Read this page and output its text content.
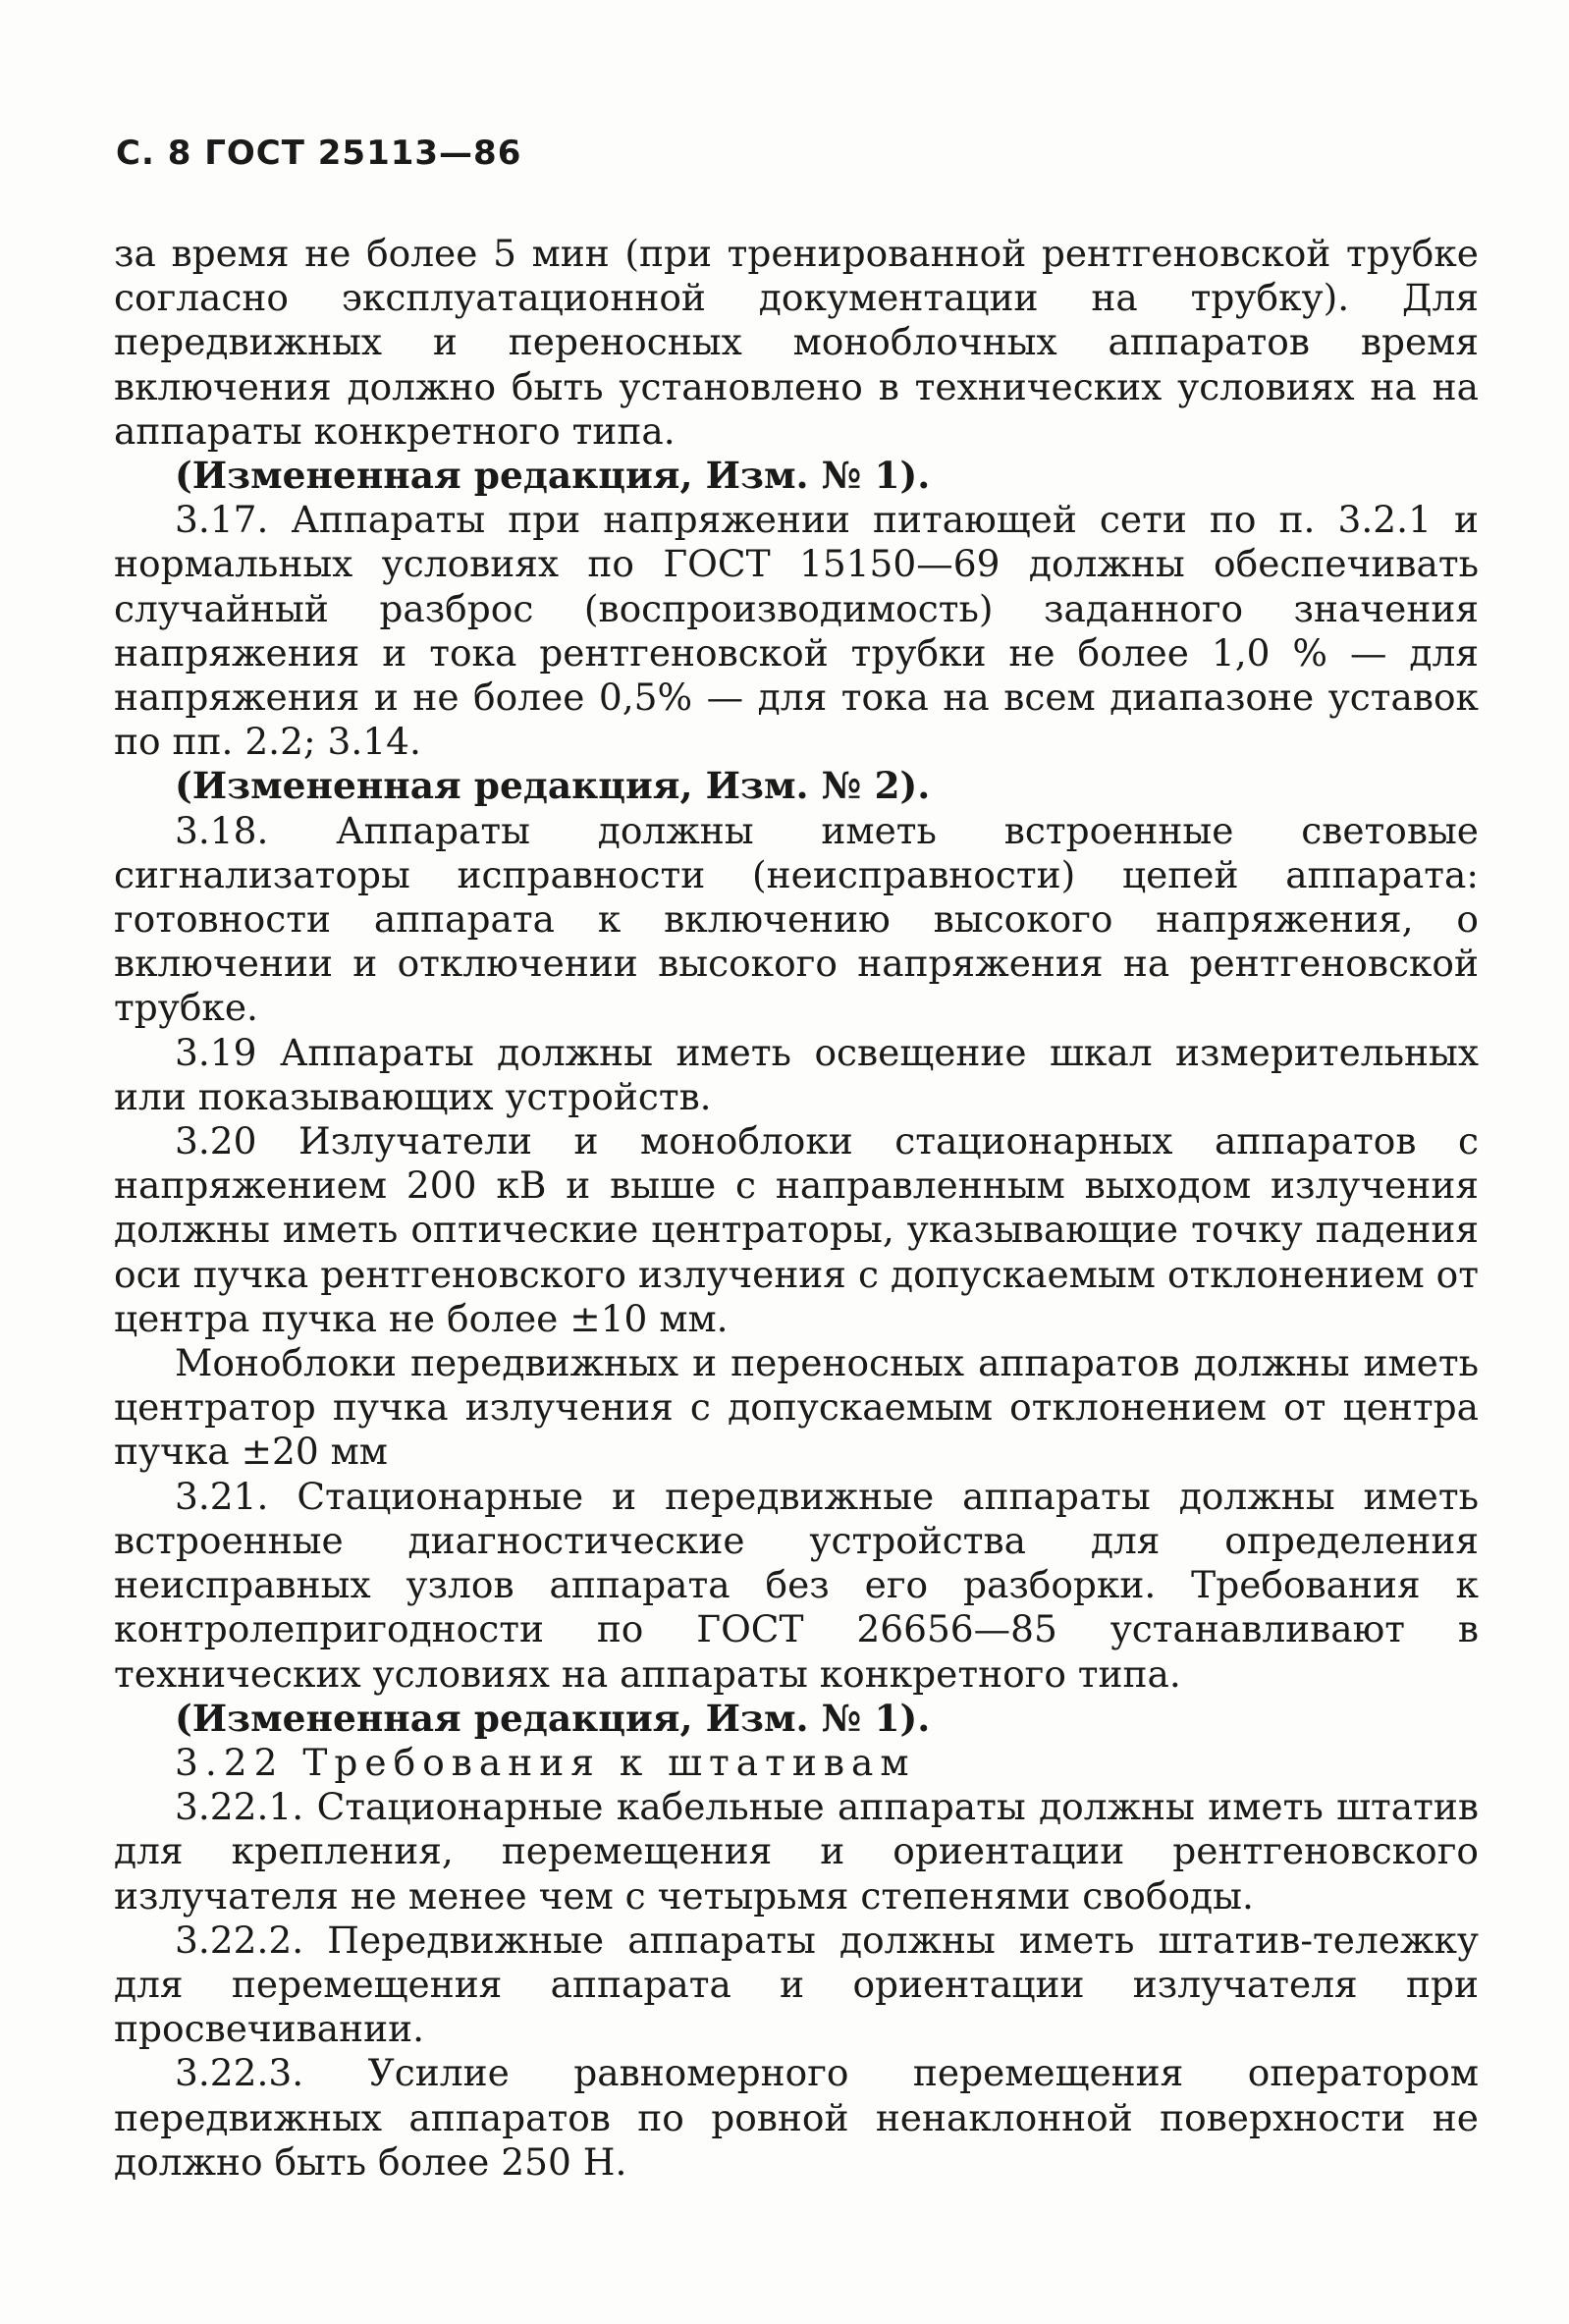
С. 8 ГОСТ 25113—86

за время не более 5 мин (при тренированной рентгеновской трубке согласно эксплуатационной документации на трубку). Для передвижных и переносных моноблочных аппаратов время включения должно быть установлено в технических условиях на на аппараты конкретного типа.

(Измененная редакция, Изм. № 1).

3.17. Аппараты при напряжении питающей сети по п. 3.2.1 и нормальных условиях по ГОСТ 15150—69 должны обеспечивать случайный разброс (воспроизводимость) заданного значения напряжения и тока рентгеновской трубки не более 1,0 % — для напряжения и не более 0,5% — для тока на всем диапазоне уставок по пп. 2.2; 3.14.

(Измененная редакция, Изм. № 2).

3.18. Аппараты должны иметь встроенные световые сигнализаторы исправности (неисправности) цепей аппарата: готовности аппарата к включению высокого напряжения, о включении и отключении высокого напряжения на рентгеновской трубке.

3.19 Аппараты должны иметь освещение шкал измерительных или показывающих устройств.

3.20 Излучатели и моноблоки стационарных аппаратов с напряжением 200 кВ и выше с направленным выходом излучения должны иметь оптические центраторы, указывающие точку падения оси пучка рентгеновского излучения с допускаемым отклонением от центра пучка не более ±10 мм.

Моноблоки передвижных и переносных аппаратов должны иметь центратор пучка излучения с допускаемым отклонением от центра пучка ±20 мм

3.21. Стационарные и передвижные аппараты должны иметь встроенные диагностические устройства для определения неисправных узлов аппарата без его разборки. Требования к контролепригодности по ГОСТ 26656—85 устанавливают в технических условиях на аппараты конкретного типа.

(Измененная редакция, Изм. № 1).

3.22 Требования к штативам

3.22.1. Стационарные кабельные аппараты должны иметь штатив для крепления, перемещения и ориентации рентгеновского излучателя не менее чем с четырьмя степенями свободы.

3.22.2. Передвижные аппараты должны иметь штатив-тележку для перемещения аппарата и ориентации излучателя при просвечивании.

3.22.3. Усилие равномерного перемещения оператором передвижных аппаратов по ровной ненаклонной поверхности не должно быть более 250 Н.
